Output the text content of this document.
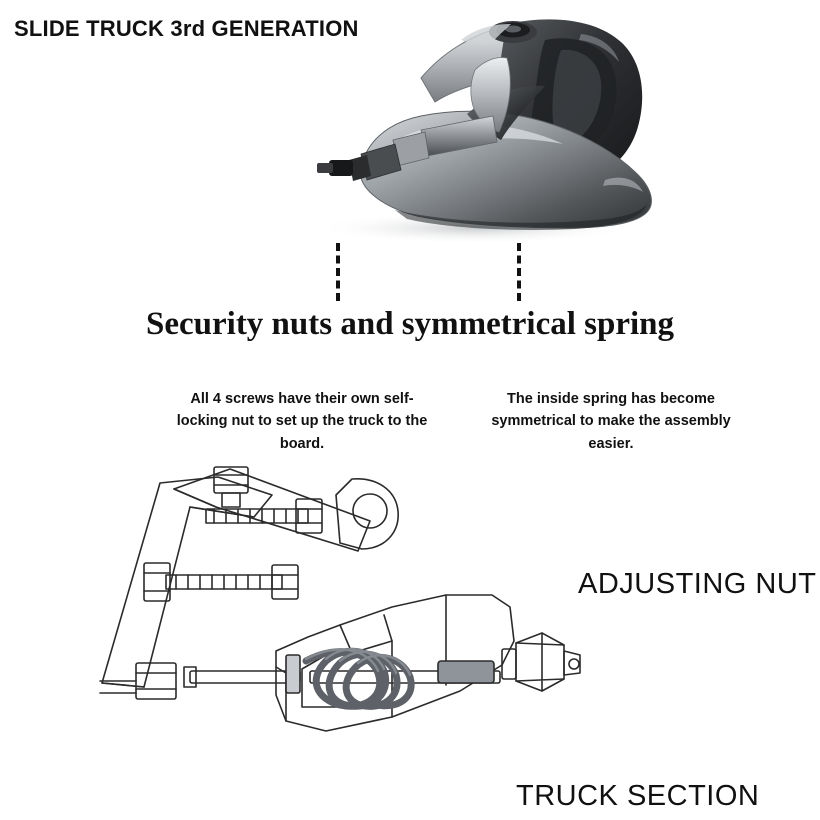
SLIDE TRUCK 3rd GENERATION
Security nuts and symmetrical spring
All 4 screws have their own self-locking nut to set up the truck to the board.
The inside spring has become symmetrical to make the assembly easier.
ADJUSTING NUT
TRUCK SECTION
